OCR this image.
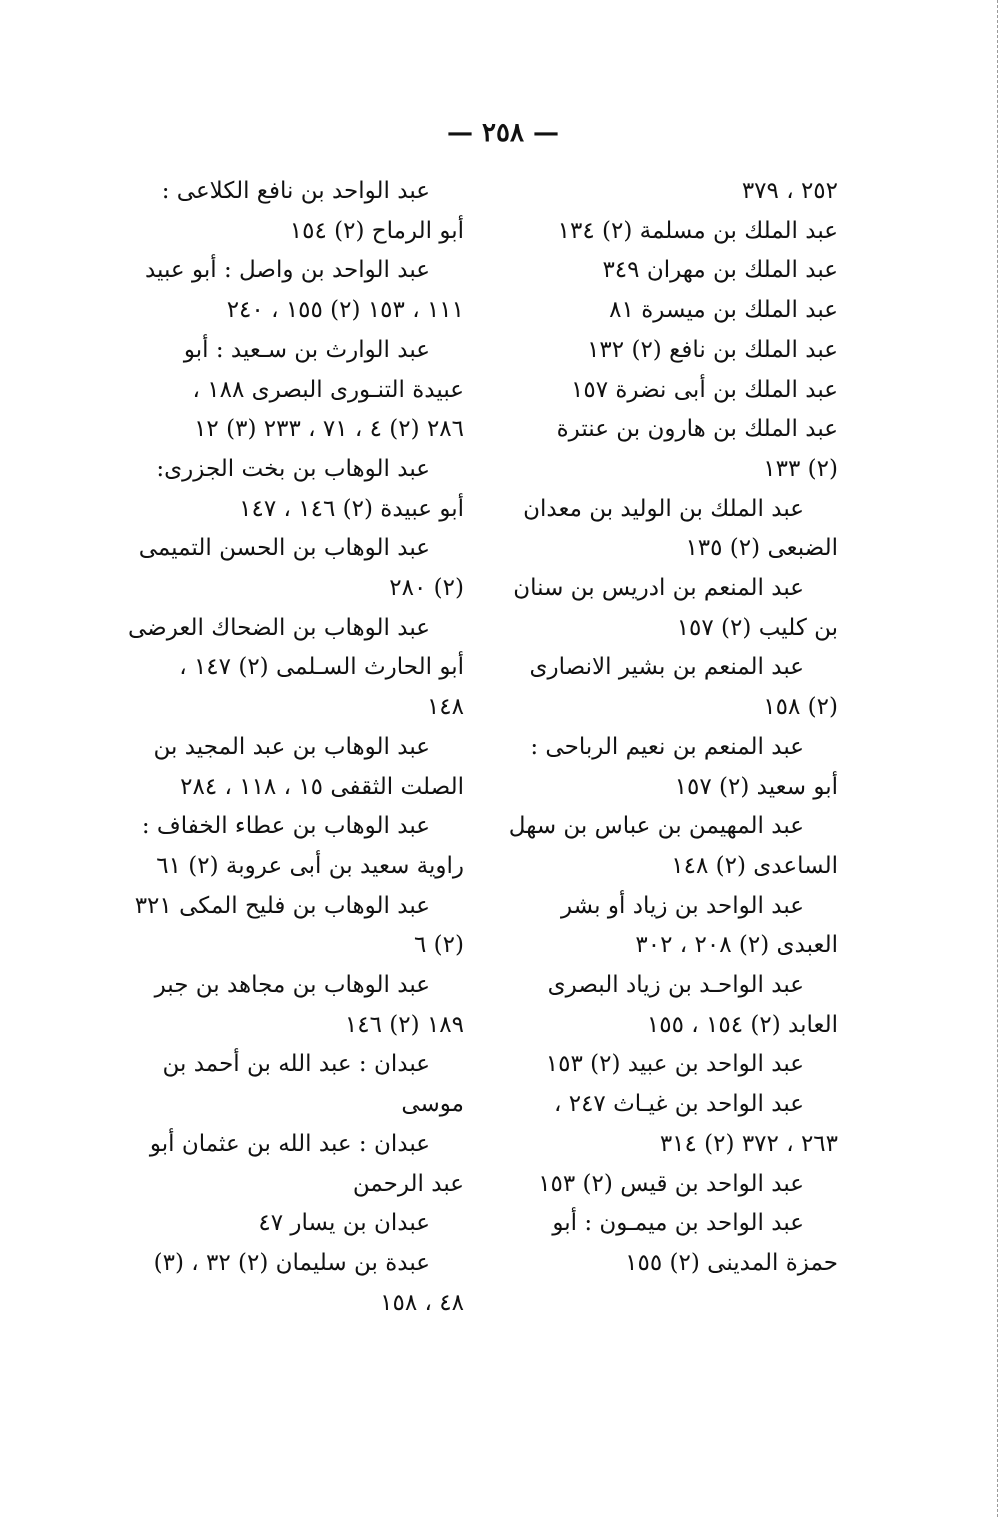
— ٢٥٨ —
٢٥٢ ، ٣٧٩
عبد الملك بن مسلمة (٢) ١٣٤
عبد الملك بن مهران ٣٤٩
عبد الملك بن ميسرة ٨١
عبد الملك بن نافع (٢) ١٣٢
عبد الملك بن أبى نضرة ١٥٧
عبد الملك بن هارون بن عنترة
(٢) ١٣٣
عبد الملك بن الوليد بن معدان
الضبعى (٢) ١٣٥
عبد المنعم بن ادريس بن سنان
بن كليب (٢) ١٥٧
عبد المنعم بن بشير الانصارى
(٢) ١٥٨
عبد المنعم بن نعيم الرباحى :
أبو سعيد (٢) ١٥٧
عبد المهيمن بن عباس بن سهل
الساعدى (٢) ١٤٨
عبد الواحد بن زياد أو بشر
العبدى (٢) ٢٠٨ ، ٣٠٢
عبد الواحـد بن زياد البصرى
العابد (٢) ١٥٤ ، ١٥٥
عبد الواحد بن عبيد (٢) ١٥٣
عبد الواحد بن غيـاث ٢٤٧ ،
٢٦٣ ، ٣٧٢ (٢) ٣١٤
عبد الواحد بن قيس (٢) ١٥٣
عبد الواحد بن ميمـون : أبو
حمزة المدينى (٢) ١٥٥
عبد الواحد بن نافع الكلاعى :
أبو الرماح (٢) ١٥٤
عبد الواحد بن واصل : أبو عبيد
١١١ ، ١٥٣ (٢) ١٥٥ ، ٢٤٠
عبد الوارث بن سـعيد : أبو
عبيدة التنـورى البصرى ١٨٨ ،
٢٨٦ (٢) ٤ ، ٧١ ، ٢٣٣ (٣) ١٢
عبد الوهاب بن بخت الجزرى:
أبو عبيدة (٢) ١٤٦ ، ١٤٧
عبد الوهاب بن الحسن التميمى
(٢) ٢٨٠
عبد الوهاب بن الضحاك العرضى
أبو الحارث السـلمى (٢) ١٤٧ ،
١٤٨
عبد الوهاب بن عبد المجيد بن
الصلت الثقفى ١٥ ، ١١٨ ، ٢٨٤
عبد الوهاب بن عطاء الخفاف :
راوية سعيد بن أبى عروبة (٢) ٦١
عبد الوهاب بن فليح المكى ٣٢١
(٢) ٦
عبد الوهاب بن مجاهد بن جبر
١٨٩ (٢) ١٤٦
عبدان : عبد الله بن أحمد بن
موسى
عبدان : عبد الله بن عثمان أبو
عبد الرحمن
عبدان بن يسار ٤٧
عبدة بن سليمان (٢) ٣٢ ، (٣)
٤٨ ، ١٥٨
